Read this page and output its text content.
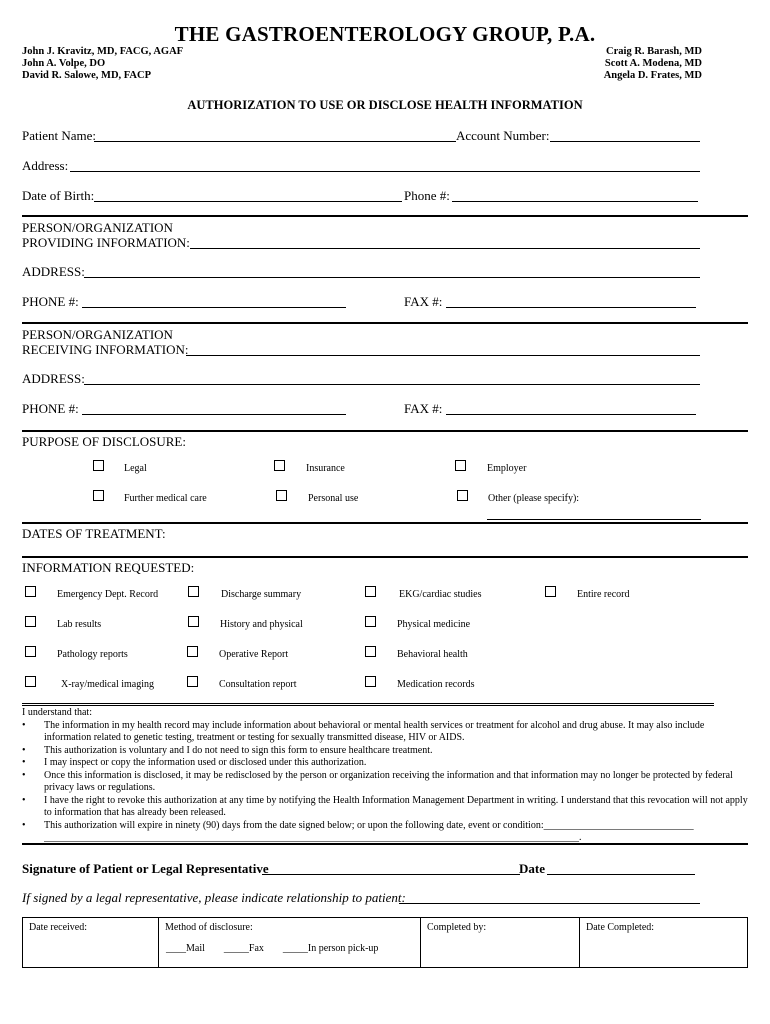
THE GASTROENTEROLOGY GROUP, P.A.
John J. Kravitz, MD, FACG, AGAF
John A. Volpe, DO
David R. Salowe, MD, FACP
Craig R. Barash, MD
Scott A. Modena, MD
Angela D. Frates, MD
AUTHORIZATION TO USE OR DISCLOSE HEALTH INFORMATION
Patient Name:	Account Number:
Address:
Date of Birth:	Phone #:
PERSON/ORGANIZATION
PROVIDING INFORMATION:
ADDRESS:
PHONE #:	FAX #:
PERSON/ORGANIZATION
RECEIVING INFORMATION:
ADDRESS:
PHONE #:	FAX #:
PURPOSE OF DISCLOSURE:
Legal	Insurance	Employer
Further medical care	Personal use	Other (please specify):
DATES OF TREATMENT:
INFORMATION REQUESTED:
Emergency Dept. Record	Discharge summary	EKG/cardiac studies	Entire record
Lab results	History and physical	Physical medicine
Pathology reports	Operative Report	Behavioral health
X-ray/medical imaging	Consultation report	Medication records
I understand that:
• The information in my health record may include information about behavioral or mental health services or treatment for alcohol and drug abuse. It may also include information related to genetic testing, treatment or testing for sexually transmitted disease, HIV or AIDS.
• This authorization is voluntary and I do not need to sign this form to ensure healthcare treatment.
• I may inspect or copy the information used or disclosed under this authorization.
• Once this information is disclosed, it may be redisclosed by the person or organization receiving the information and that information may no longer be protected by federal privacy laws or regulations.
• I have the right to revoke this authorization at any time by notifying the Health Information Management Department in writing. I understand that this revocation will not apply to information that has already been released.
• This authorization will expire in ninety (90) days from the date signed below; or upon the following date, event or condition:______________________________
___________________________________________________________________________________________________________.
Signature of Patient or Legal Representative	Date
If signed by a legal representative, please indicate relationship to patient:
Date received:	Method of disclosure:
____Mail _____Fax _____In person pick-up
Completed by:	Date Completed:
